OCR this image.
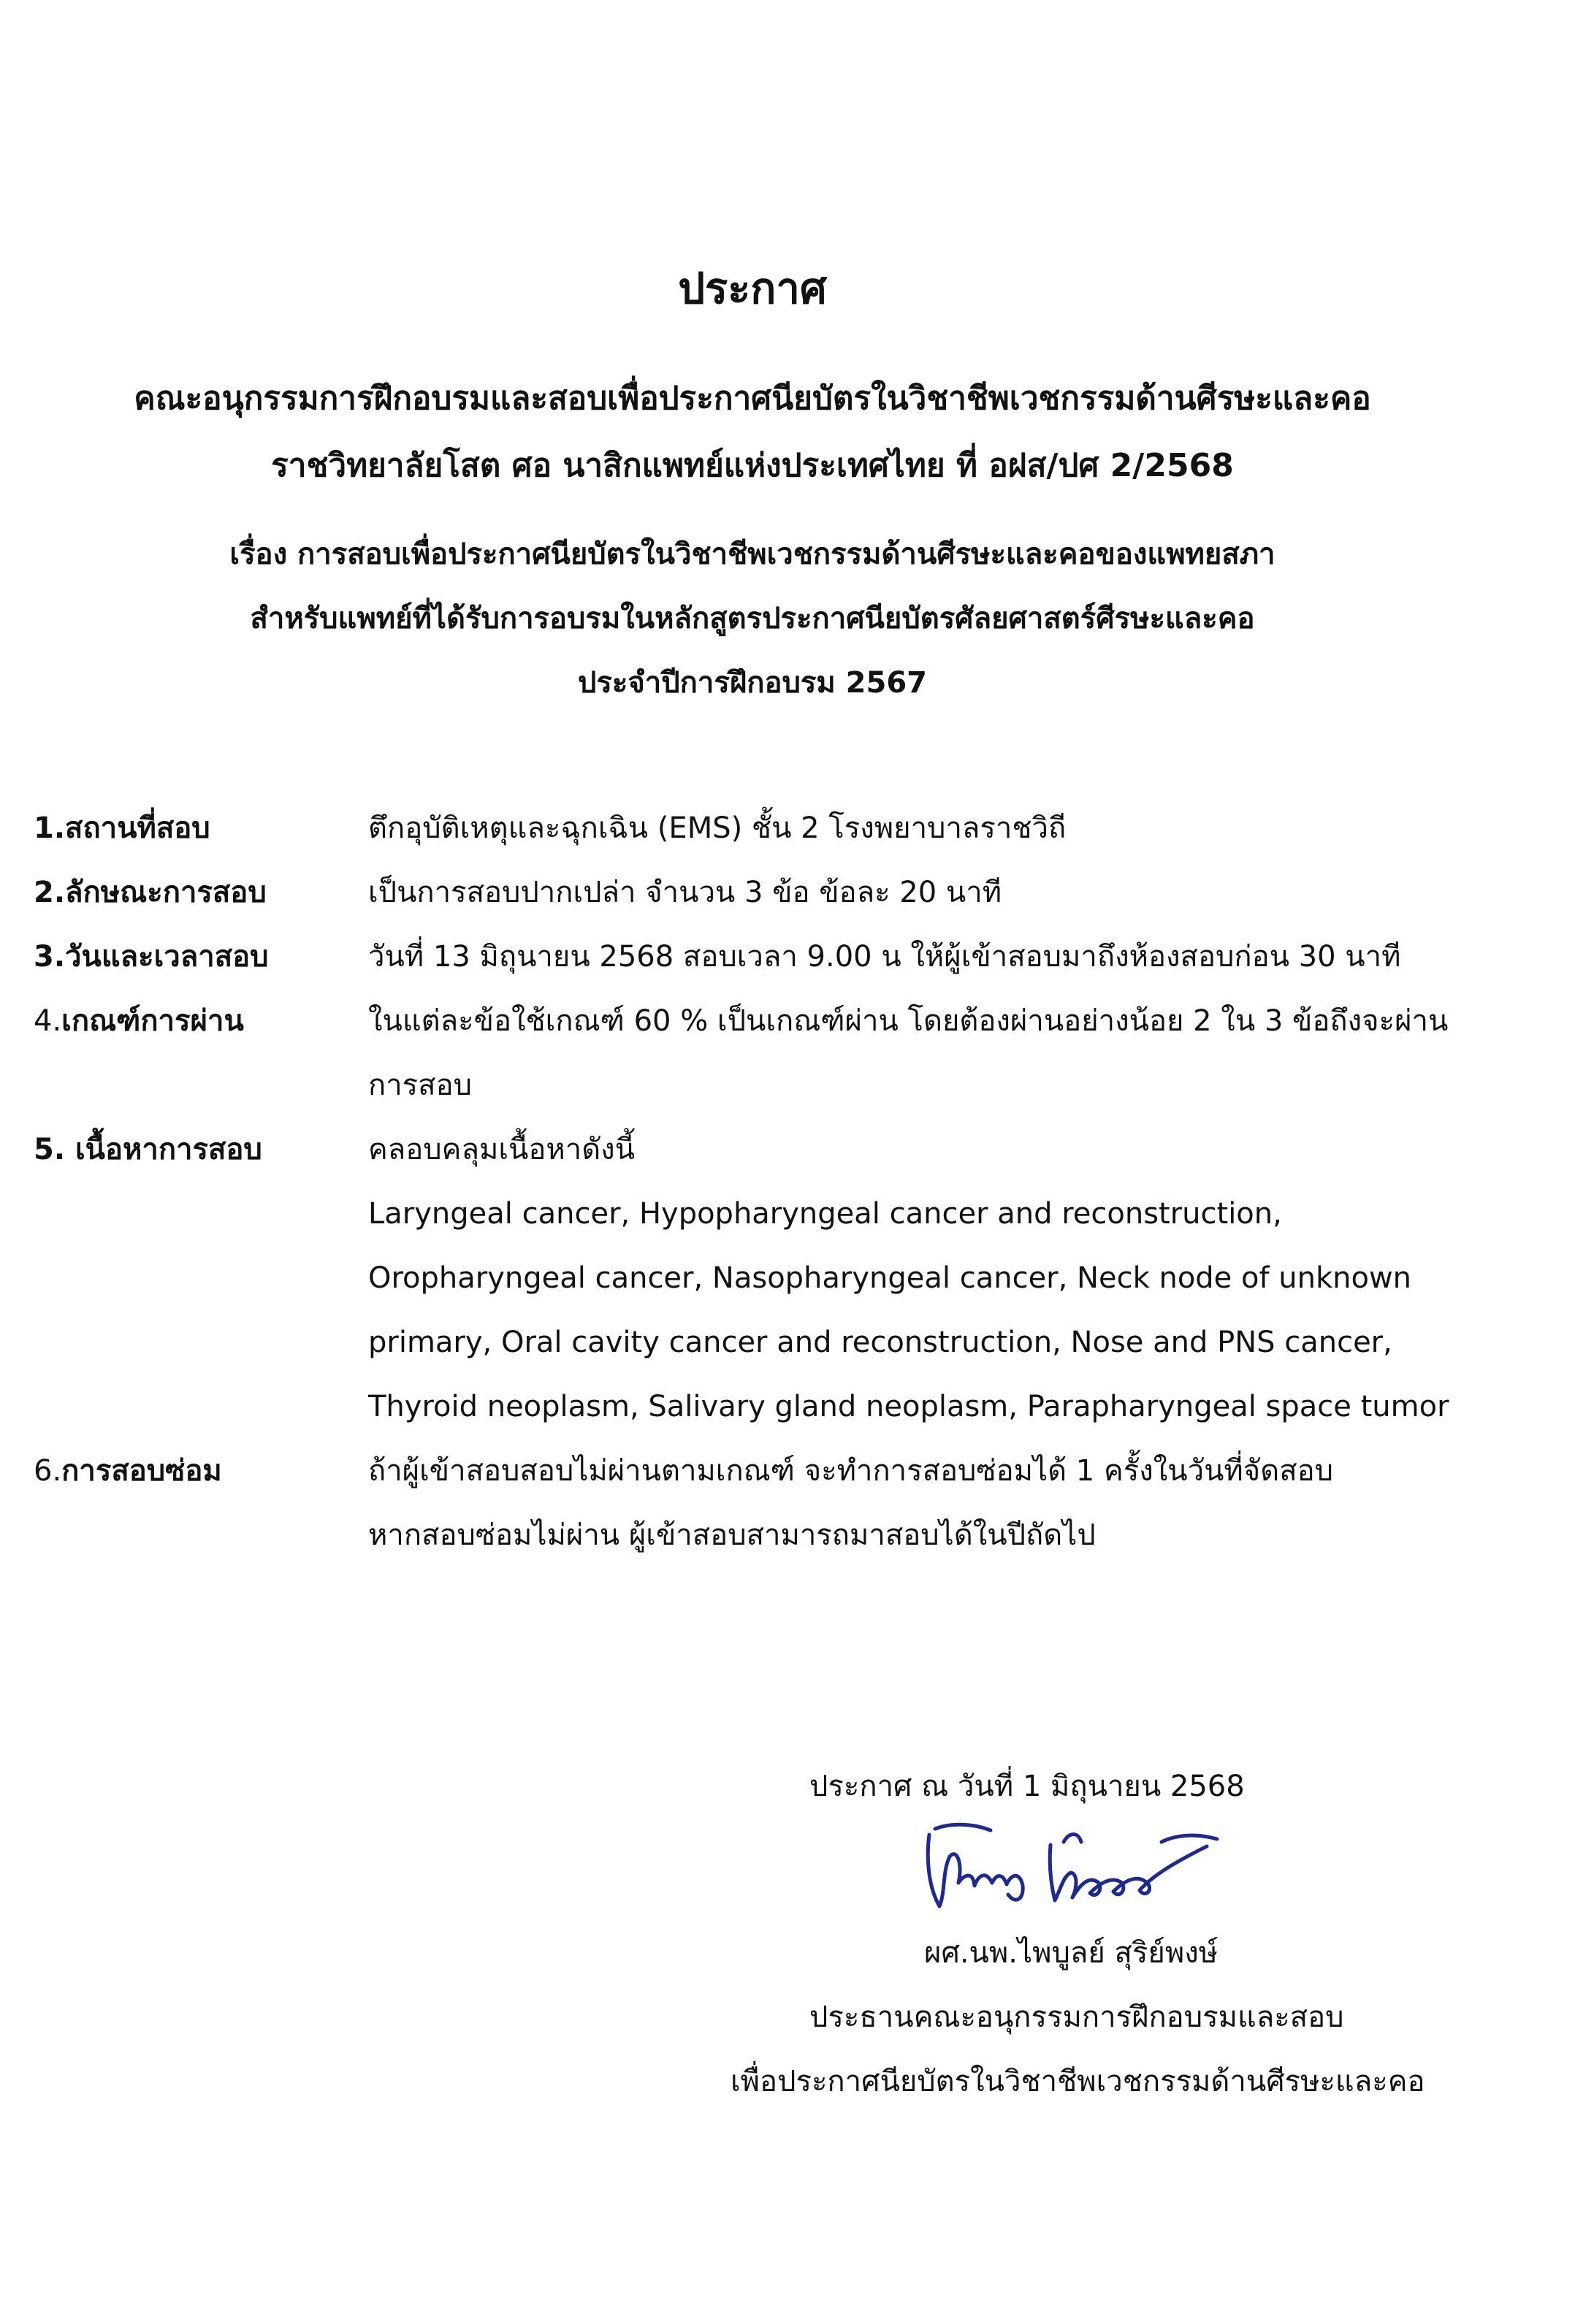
ประกาศ
คณะอนุกรรมการฝึกอบรมและสอบเพื่อประกาศนียบัตรในวิชาชีพเวชกรรมด้านศีรษะและคอ
ราชวิทยาลัยโสต ศอ นาสิกแพทย์แห่งประเทศไทย ที่ อฝส/ปศ 2/2568
เรื่อง การสอบเพื่อประกาศนียบัตรในวิชาชีพเวชกรรมด้านศีรษะและคอของแพทยสภา
สำหรับแพทย์ที่ได้รับการอบรมในหลักสูตรประกาศนียบัตรศัลยศาสตร์ศีรษะและคอ
ประจำปีการฝึกอบรม 2567
1.สถานที่สอบ	ตึกอุบัติเหตุและฉุกเฉิน (EMS) ชั้น 2 โรงพยาบาลราชวิถี
2.ลักษณะการสอบ	เป็นการสอบปากเปล่า จำนวน 3 ข้อ ข้อละ 20 นาที
3.วันและเวลาสอบ	วันที่ 13 มิถุนายน 2568 สอบเวลา 9.00 น ให้ผู้เข้าสอบมาถึงห้องสอบก่อน 30 นาที
4.เกณฑ์การผ่าน	ในแต่ละข้อใช้เกณฑ์ 60 % เป็นเกณฑ์ผ่าน โดยต้องผ่านอย่างน้อย 2 ใน 3 ข้อถึงจะผ่าน
การสอบ
5. เนื้อหาการสอบ	คลอบคลุมเนื้อหาดังนี้
Laryngeal cancer, Hypopharyngeal cancer and reconstruction,
Oropharyngeal cancer, Nasopharyngeal cancer, Neck node of unknown
primary, Oral cavity cancer and reconstruction, Nose and PNS cancer,
Thyroid neoplasm, Salivary gland neoplasm, Parapharyngeal space tumor
6.การสอบซ่อม	ถ้าผู้เข้าสอบสอบไม่ผ่านตามเกณฑ์ จะทำการสอบซ่อมได้ 1 ครั้งในวันที่จัดสอบ
หากสอบซ่อมไม่ผ่าน ผู้เข้าสอบสามารถมาสอบได้ในปีถัดไป
ประกาศ ณ วันที่ 1 มิถุนายน 2568
ผศ.นพ.ไพบูลย์ สุริย์พงษ์
ประธานคณะอนุกรรมการฝึกอบรมและสอบ
เพื่อประกาศนียบัตรในวิชาชีพเวชกรรมด้านศีรษะและคอ
